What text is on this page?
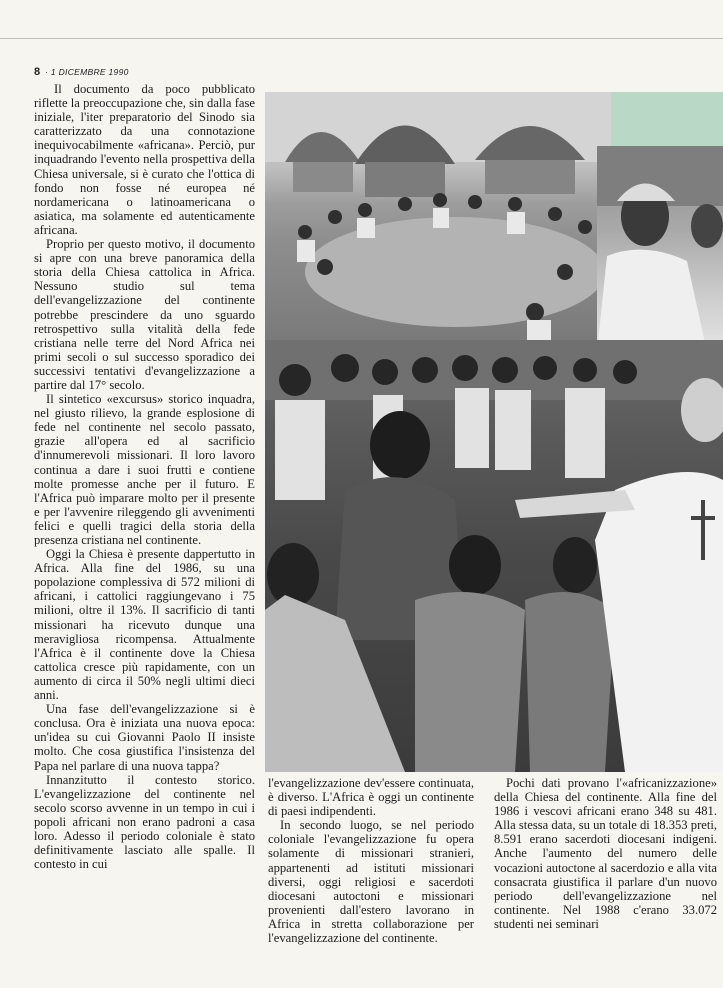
8 · 1 DICEMBRE 1990

Il documento da poco pubblicato riflette la preoccupazione che, sin dalla fase iniziale, l'iter preparatorio del Sinodo sia caratterizzato da una connotazione inequivocabilmente «africana». Perciò, pur inquadrando l'evento nella prospettiva della Chiesa universale, si è curato che l'ottica di fondo non fosse né europea né nordamericana o latinoamericana o asiatica, ma solamente ed autenticamente africana.

Proprio per questo motivo, il documento si apre con una breve panoramica della storia della Chiesa cattolica in Africa. Nessuno studio sul tema dell'evangelizzazione del continente potrebbe prescindere da uno sguardo retrospettivo sulla vitalità della fede cristiana nelle terre del Nord Africa nei primi secoli o sul successo sporadico dei successivi tentativi d'evangelizzazione a partire dal 17° secolo.

Il sintetico «excursus» storico inquadra, nel giusto rilievo, la grande esplosione di fede nel continente nel secolo passato, grazie all'opera ed al sacrificio d'innumerevoli missionari. Il loro lavoro continua a dare i suoi frutti e contiene molte promesse anche per il futuro. E l'Africa può imparare molto per il presente e per l'avvenire rileggendo gli avvenimenti felici e quelli tragici della storia della presenza cristiana nel continente.

Oggi la Chiesa è presente dappertutto in Africa. Alla fine del 1986, su una popolazione complessiva di 572 milioni di africani, i cattolici raggiungevano i 75 milioni, oltre il 13%. Il sacrificio di tanti missionari ha ricevuto dunque una meravigliosa ricompensa. Attualmente l'Africa è il continente dove la Chiesa cattolica cresce più rapidamente, con un aumento di circa il 50% negli ultimi dieci anni.

Una fase dell'evangelizzazione si è conclusa. Ora è iniziata una nuova epoca: un'idea su cui Giovanni Paolo II insiste molto. Che cosa giustifica l'insistenza del Papa nel parlare di una nuova tappa?

Innanzitutto il contesto storico. L'evangelizzazione del continente nel secolo scorso avvenne in un tempo in cui i popoli africani non erano padroni a casa loro. Adesso il periodo coloniale è stato definitivamente lasciato alle spalle. Il contesto in cui

l'evangelizzazione dev'essere continuata, è diverso. L'Africa è oggi un continente di paesi indipendenti.

In secondo luogo, se nel periodo coloniale l'evangelizzazione fu opera solamente di missionari stranieri, appartenenti ad istituti missionari diversi, oggi religiosi e sacerdoti diocesani autoctoni e missionari provenienti dall'estero lavorano in Africa in stretta collaborazione per l'evangelizzazione del continente.

Pochi dati provano l'«africanizzazione» della Chiesa del continente. Alla fine del 1986 i vescovi africani erano 348 su 481. Alla stessa data, su un totale di 18.353 preti, 8.591 erano sacerdoti diocesani indigeni. Anche l'aumento del numero delle vocazioni autoctone al sacerdozio e alla vita consacrata giustifica il parlare d'un nuovo periodo dell'evangelizzazione nel continente. Nel 1988 c'erano 33.072 studenti nei seminari
